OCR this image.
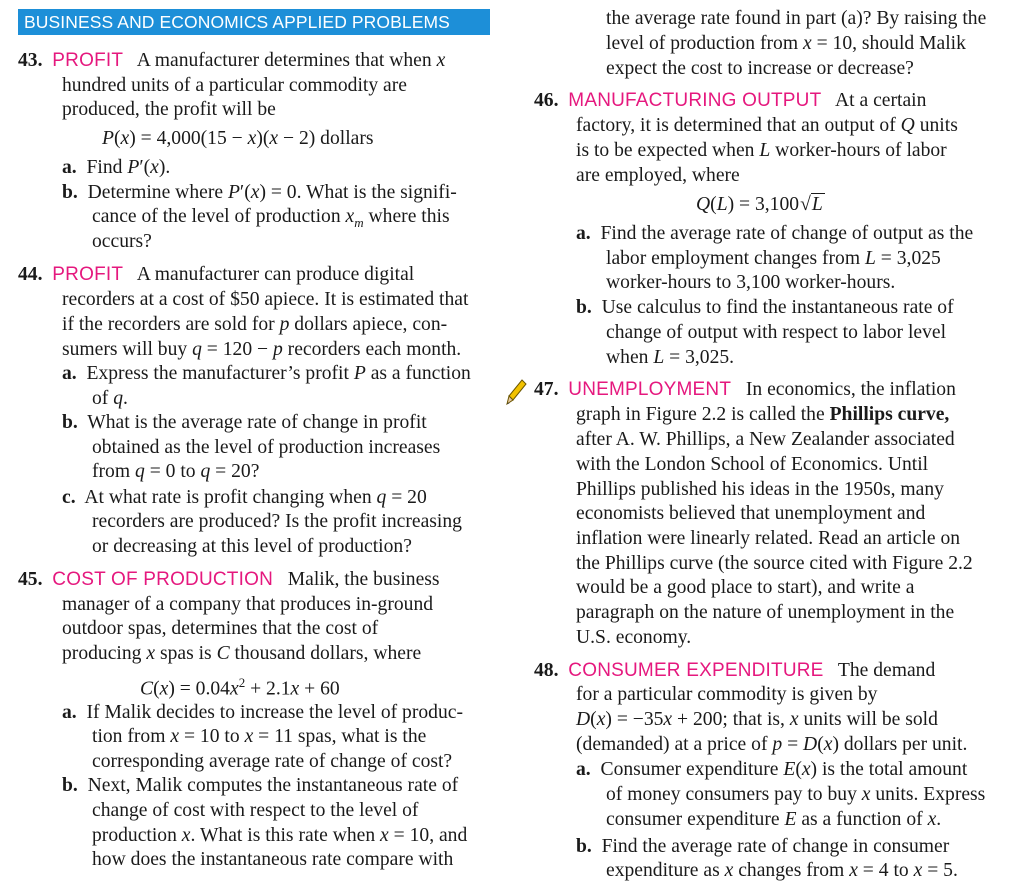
BUSINESS AND ECONOMICS APPLIED PROBLEMS
43. PROFIT   A manufacturer determines that when x
hundred units of a particular commodity are
produced, the profit will be
P(x) = 4,000(15 − x)(x − 2) dollars
a.  Find P′(x).
b.  Determine where P′(x) = 0. What is the signifi-
cance of the level of production $x_m$ where this
occurs?
44. PROFIT   A manufacturer can produce digital
recorders at a cost of $50 apiece. It is estimated that
if the recorders are sold for p dollars apiece, con-
sumers will buy q = 120 − p recorders each month.
a.  Express the manufacturer’s profit P as a function
of q.
b.  What is the average rate of change in profit
obtained as the level of production increases
from q = 0 to q = 20?
c.  At what rate is profit changing when q = 20
recorders are produced? Is the profit increasing
or decreasing at this level of production?
45. COST OF PRODUCTION   Malik, the business
manager of a company that produces in-ground
outdoor spas, determines that the cost of
producing x spas is C thousand dollars, where
$C(x) = 0.04x^2 + 2.1x + 60$
a.  If Malik decides to increase the level of produc-
tion from x = 10 to x = 11 spas, what is the
corresponding average rate of change of cost?
b.  Next, Malik computes the instantaneous rate of
change of cost with respect to the level of
production x. What is this rate when x = 10, and
how does the instantaneous rate compare with
the average rate found in part (a)? By raising the
level of production from x = 10, should Malik
expect the cost to increase or decrease?
46. MANUFACTURING OUTPUT   At a certain
factory, it is determined that an output of Q units
is to be expected when L worker-hours of labor
are employed, where
Q(L) = 3,100√L
a.  Find the average rate of change of output as the
labor employment changes from L = 3,025
worker-hours to 3,100 worker-hours.
b.  Use calculus to find the instantaneous rate of
change of output with respect to labor level
when L = 3,025.
47. UNEMPLOYMENT   In economics, the inflation
graph in Figure 2.2 is called the Phillips curve,
after A. W. Phillips, a New Zealander associated
with the London School of Economics. Until
Phillips published his ideas in the 1950s, many
economists believed that unemployment and
inflation were linearly related. Read an article on
the Phillips curve (the source cited with Figure 2.2
would be a good place to start), and write a
paragraph on the nature of unemployment in the
U.S. economy.
48. CONSUMER EXPENDITURE   The demand
for a particular commodity is given by
D(x) = −35x + 200; that is, x units will be sold
(demanded) at a price of p = D(x) dollars per unit.
a.  Consumer expenditure E(x) is the total amount
of money consumers pay to buy x units. Express
consumer expenditure E as a function of x.
b.  Find the average rate of change in consumer
expenditure as x changes from x = 4 to x = 5.
